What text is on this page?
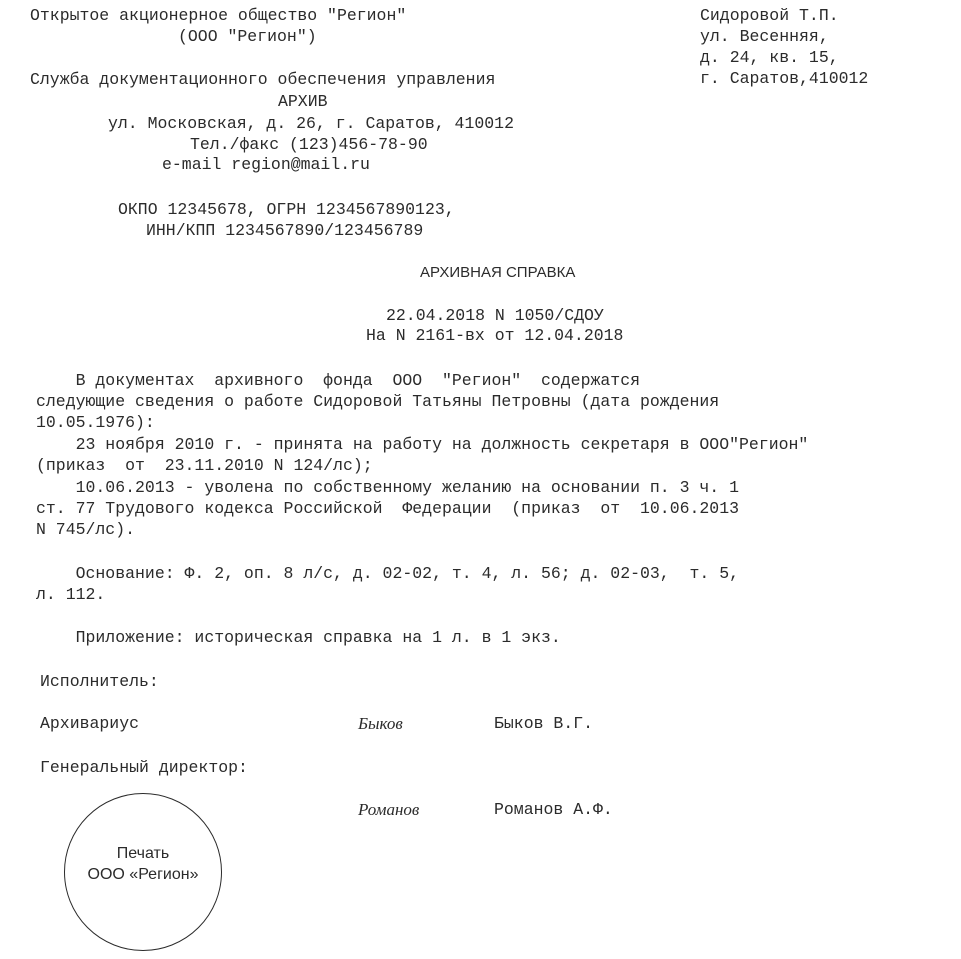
Открытое акционерное общество "Регион"
(ООО "Регион")
Служба документационного обеспечения управления
АРХИВ
ул. Московская, д. 26, г. Саратов, 410012
Тел./факс (123)456-78-90
e-mail region@mail.ru
ОКПО 12345678, ОГРН 1234567890123,
ИНН/КПП 1234567890/123456789
Сидоровой Т.П.
ул. Весенняя,
д. 24, кв. 15,
г. Саратов,410012
АРХИВНАЯ СПРАВКА
22.04.2018 N 1050/СДОУ
На N 2161-вх от 12.04.2018
В документах  архивного  фонда  ООО  "Регион"  содержатся
следующие сведения о работе Сидоровой Татьяны Петровны (дата рождения
10.05.1976):
23 ноября 2010 г. - принята на работу на должность секретаря в ООО"Регион"
(приказ  от  23.11.2010 N 124/лс);
10.06.2013 - уволена по собственному желанию на основании п. 3 ч. 1
ст. 77 Трудового кодекса Российской  Федерации  (приказ  от  10.06.2013
N 745/лс).
Основание: Ф. 2, оп. 8 л/с, д. 02-02, т. 4, л. 56; д. 02-03,  т. 5,
л. 112.
Приложение: историческая справка на 1 л. в 1 экз.
Исполнитель:
Архивариус	Быков	Быков В.Г.
Генеральный директор:
Романов	Романов А.Ф.
Печать
ООО «Регион»
